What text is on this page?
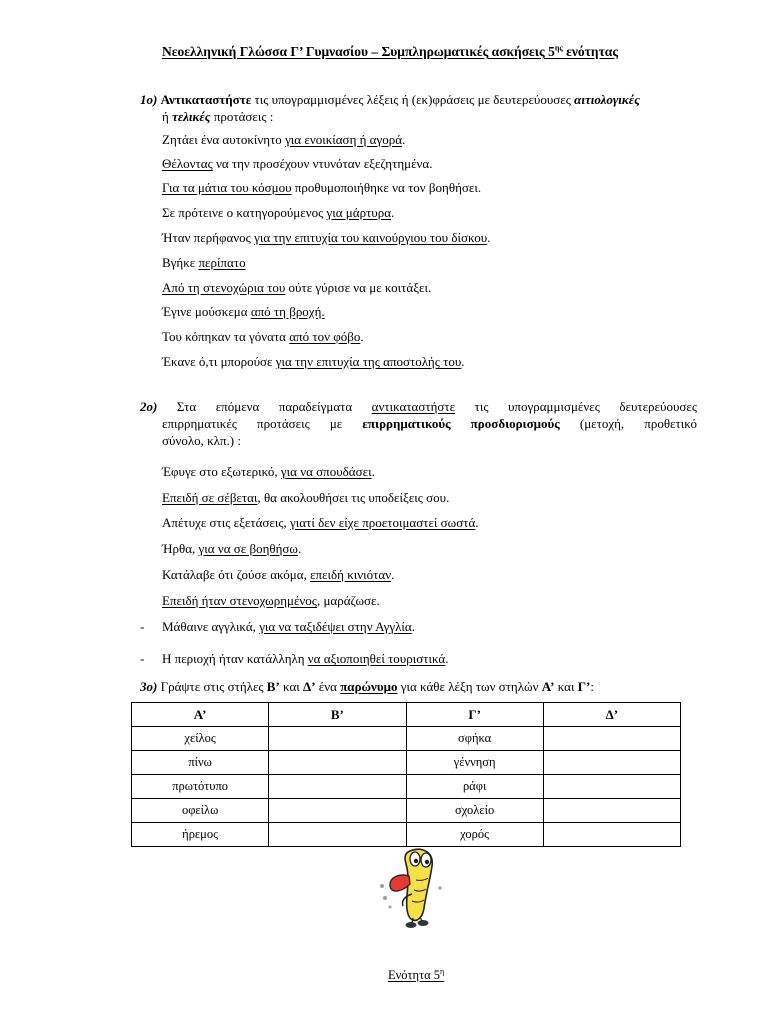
Νεοελληνική Γλώσσα Γ’ Γυμνασίου – Συμπληρωματικές ασκήσεις $5^{\eta\varsigma}$ ενότητας
1ο) Αντικαταστήστε τις υπογραμμισμένες λέξεις ή (εκ)φράσεις με δευτερεύουσες αιτιολογικές
ή τελικές προτάσεις :
Ζητάει ένα αυτοκίνητο για ενοικίαση ή αγορά.
Θέλοντας να την προσέχουν ντυνόταν εξεζητημένα.
Για τα μάτια του κόσμου προθυμοποιήθηκε να τον βοηθήσει.
Σε πρότεινε ο κατηγορούμενος για μάρτυρα.
Ήταν περήφανος για την επιτυχία του καινούργιου του δίσκου.
Βγήκε περίπατο
Από τη στενοχώρια του ούτε γύρισε να με κοιτάξει.
Έγινε μούσκεμα από τη βροχή.
Του κόπηκαν τα γόνατα από τον φόβο.
Έκανε ό,τι μπορούσε για την επιτυχία της αποστολής του.
2ο) Στα επόμενα παραδείγματα αντικαταστήστε τις υπογραμμισμένες δευτερεύουσες
επιρρηματικές προτάσεις με επιρρηματικούς προσδιορισμούς (μετοχή, προθετικό
σύνολο, κλπ.) :
Έφυγε στο εξωτερικό, για να σπουδάσει.
Επειδή σε σέβεται, θα ακολουθήσει τις υποδείξεις σου.
Απέτυχε στις εξετάσεις, γιατί δεν είχε προετοιμαστεί σωστά.
Ήρθα, για να σε βοηθήσω.
Κατάλαβε ότι ζούσε ακόμα, επειδή κινιόταν.
Επειδή ήταν στενοχωρημένος, μαράζωσε.
- Μάθαινε αγγλικά, για να ταξιδέψει στην Αγγλία.
- Η περιοχή ήταν κατάλληλη να αξιοποιηθεί τουριστικά.
3ο) Γράψτε στις στήλες Β’ και Δ’ ένα παρώνυμο για κάθε λέξη των στηλών Α’ και Γ’:
Α’	Β’	Γ’	Δ’
χείλος		σφήκα	
πίνω		γέννηση	
πρωτότυπο		ράφι	
οφείλω		σχολείο	
ήρεμος		χορός	
Ενότητα $5^\eta$
